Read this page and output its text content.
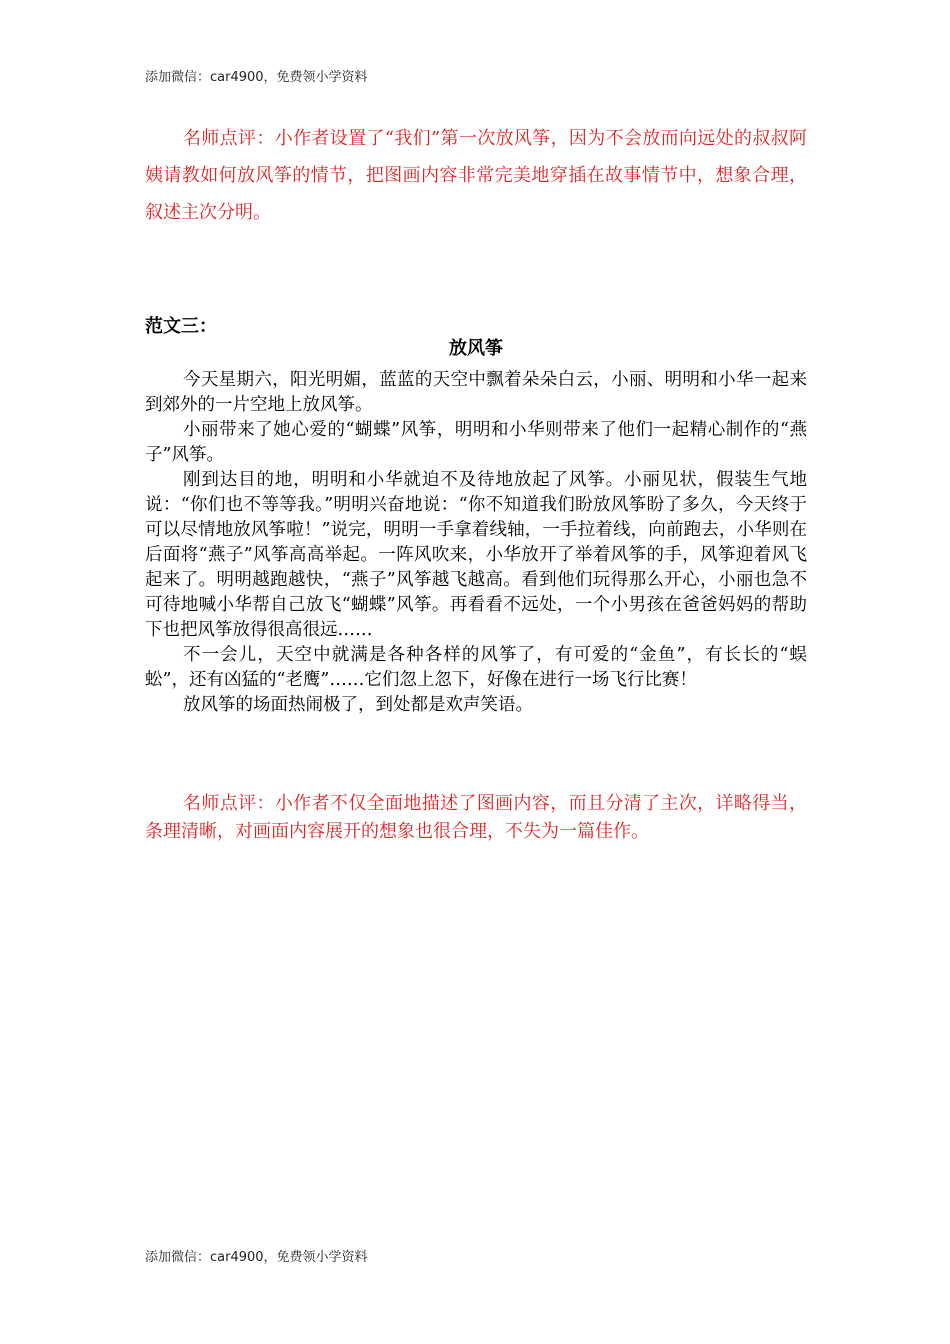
添加微信：car4900，免费领小学资料

名师点评：小作者设置了“我们”第一次放风筝，因为不会放而向远处的叔叔阿姨请教如何放风筝的情节，把图画内容非常完美地穿插在故事情节中，想象合理，叙述主次分明。

范文三：
放风筝

今天星期六，阳光明媚，蓝蓝的天空中飘着朵朵白云，小丽、明明和小华一起来到郊外的一片空地上放风筝。

小丽带来了她心爱的“蝴蝶”风筝，明明和小华则带来了他们一起精心制作的“燕子”风筝。

刚到达目的地，明明和小华就迫不及待地放起了风筝。小丽见状，假装生气地说：“你们也不等等我。”明明兴奋地说：“你不知道我们盼放风筝盼了多久，今天终于可以尽情地放风筝啦！”说完，明明一手拿着线轴，一手拉着线，向前跑去，小华则在后面将“燕子”风筝高高举起。一阵风吹来，小华放开了举着风筝的手，风筝迎着风飞起来了。明明越跑越快，“燕子”风筝越飞越高。看到他们玩得那么开心，小丽也急不可待地喊小华帮自己放飞“蝴蝶”风筝。再看看不远处，一个小男孩在爸爸妈妈的帮助下也把风筝放得很高很远……

不一会儿，天空中就满是各种各样的风筝了，有可爱的“金鱼”，有长长的“蜈蚣”，还有凶猛的“老鹰”……它们忽上忽下，好像在进行一场飞行比赛！

放风筝的场面热闹极了，到处都是欢声笑语。

名师点评：小作者不仅全面地描述了图画内容，而且分清了主次，详略得当，条理清晰，对画面内容展开的想象也很合理，不失为一篇佳作。

添加微信：car4900，免费领小学资料
